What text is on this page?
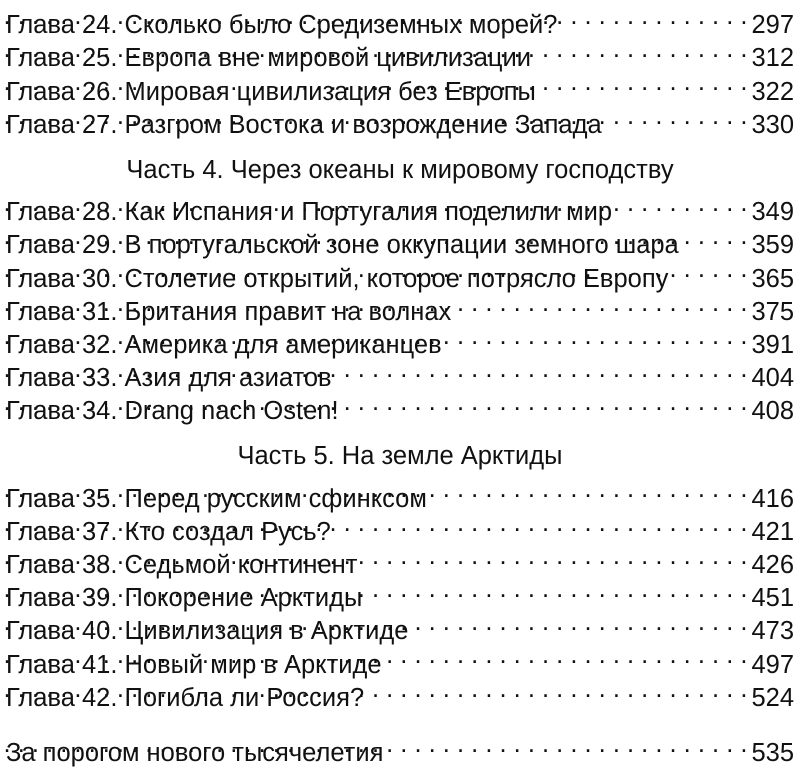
Глава 24. Сколько было Средиземных морей? . . .	297
Глава 25. Европа вне мировой цивилизации . . .	312
Глава 26. Мировая цивилизация без Европы . . .	322
Глава 27. Разгром Востока и возрождение Запада . . .	330
Часть 4. Через океаны к мировому господству
Глава 28. Как Испания и Португалия поделили мир . . .	349
Глава 29. В португальской зоне оккупации земного шара . . .	359
Глава 30. Столетие открытий, которое потрясло Европу . . .	365
Глава 31. Британия правит на волнах . . .	375
Глава 32. Америка для американцев . . .	391
Глава 33. Азия для азиатов . . .	404
Глава 34. Drang nach Osten! . . .	408
Часть 5. На земле Арктиды
Глава 35. Перед русским сфинксом . . .	416
Глава 37. Кто создал Русь? . . .	421
Глава 38. Седьмой континент . . .	426
Глава 39. Покорение Арктиды . . .	451
Глава 40. Цивилизация в Арктиде . . .	473
Глава 41. Новый мир в Арктиде . . .	497
Глава 42. Погибла ли Россия? . . .	524
За порогом нового тысячелетия . . .	535
